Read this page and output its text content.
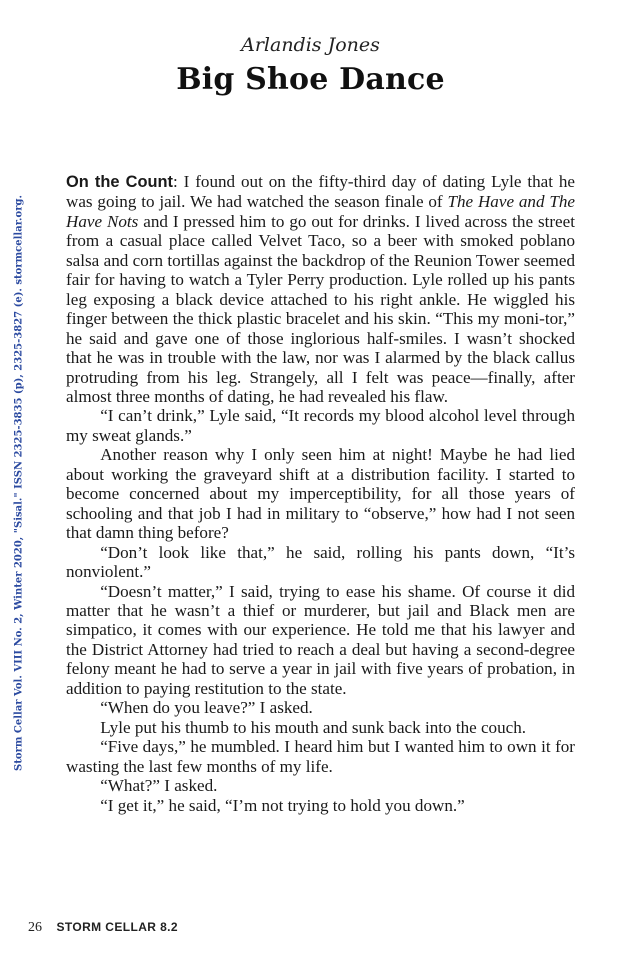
Arlandis Jones
Big Shoe Dance
Storm Cellar Vol. VIII No. 2, Winter 2020, "Sisal." ISSN 2325-3835 (p), 2325-3827 (e). stormcellar.org.

On the Count: I found out on the fifty-third day of dating Lyle that he was going to jail. We had watched the season finale of The Have and The Have Nots and I pressed him to go out for drinks. I lived across the street from a casual place called Velvet Taco, so a beer with smoked poblano salsa and corn tortillas against the backdrop of the Reunion Tower seemed fair for having to watch a Tyler Perry production. Lyle rolled up his pants leg exposing a black device attached to his right ankle. He wiggled his finger between the thick plastic bracelet and his skin. “This my moni-tor,” he said and gave one of those inglorious half-smiles. I wasn’t shocked that he was in trouble with the law, nor was I alarmed by the black callus protruding from his leg. Strangely, all I felt was peace—finally, after almost three months of dating, he had revealed his flaw.

“I can’t drink,” Lyle said, “It records my blood alcohol level through my sweat glands.”

Another reason why I only seen him at night! Maybe he had lied about working the graveyard shift at a distribution facility. I started to become concerned about my imperceptibility, for all those years of schooling and that job I had in military to “observe,” how had I not seen that damn thing before?

“Don’t look like that,” he said, rolling his pants down, “It’s nonviolent.”

“Doesn’t matter,” I said, trying to ease his shame. Of course it did matter that he wasn’t a thief or murderer, but jail and Black men are simpatico, it comes with our experience. He told me that his lawyer and the District Attorney had tried to reach a deal but having a second-degree felony meant he had to serve a year in jail with five years of probation, in addition to paying restitution to the state.

“When do you leave?” I asked.

Lyle put his thumb to his mouth and sunk back into the couch.

“Five days,” he mumbled. I heard him but I wanted him to own it for wasting the last few months of my life.

“What?” I asked.

“I get it,” he said, “I’m not trying to hold you down.”

26 STORM CELLAR 8.2
